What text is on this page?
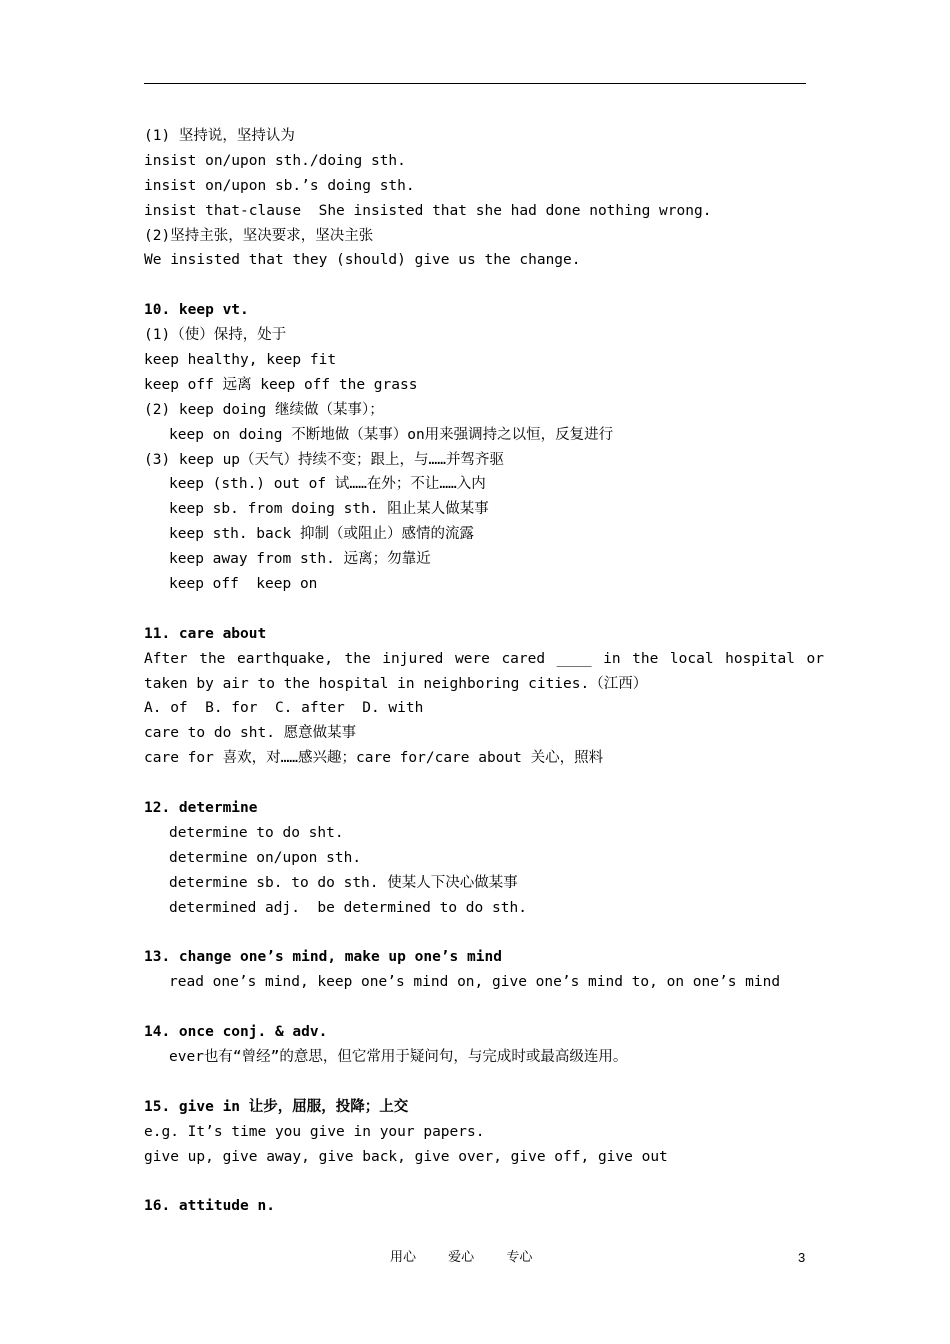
(1) 坚持说，坚持认为
insist on/upon sth./doing sth.
insist on/upon sb.’s doing sth.
insist that-clause  She insisted that she had done nothing wrong.
(2)坚持主张，坚决要求，坚决主张
We insisted that they (should) give us the change.

10. keep vt.
(1)（使）保持，处于
keep healthy, keep fit
keep off 远离 keep off the grass
(2) keep doing 继续做（某事）；
keep on doing 不断地做（某事）on用来强调持之以恒，反复进行
(3) keep up（天气）持续不变；跟上，与……并驾齐驱
keep (sth.) out of 试……在外；不让……入内
keep sb. from doing sth. 阻止某人做某事
keep sth. back 抑制（或阻止）感情的流露
keep away from sth. 远离；勿靠近
keep off  keep on

11. care about
After the earthquake, the injured were cared ____ in the local hospital or
taken by air to the hospital in neighboring cities.（江西）
A. of  B. for  C. after  D. with
care to do sht. 愿意做某事
care for 喜欢，对……感兴趣；care for/care about 关心，照料

12. determine
determine to do sht.
determine on/upon sth.
determine sb. to do sth. 使某人下决心做某事
determined adj.  be determined to do sth.

13. change one’s mind, make up one’s mind
read one’s mind, keep one’s mind on, give one’s mind to, on one’s mind

14. once conj. & adv.
ever也有“曾经”的意思，但它常用于疑问句，与完成时或最高级连用。

15. give in 让步，屈服，投降；上交
e.g. It’s time you give in your papers.
give up, give away, give back, give over, give off, give out

16. attitude n.
用心 爱心 专心	3
